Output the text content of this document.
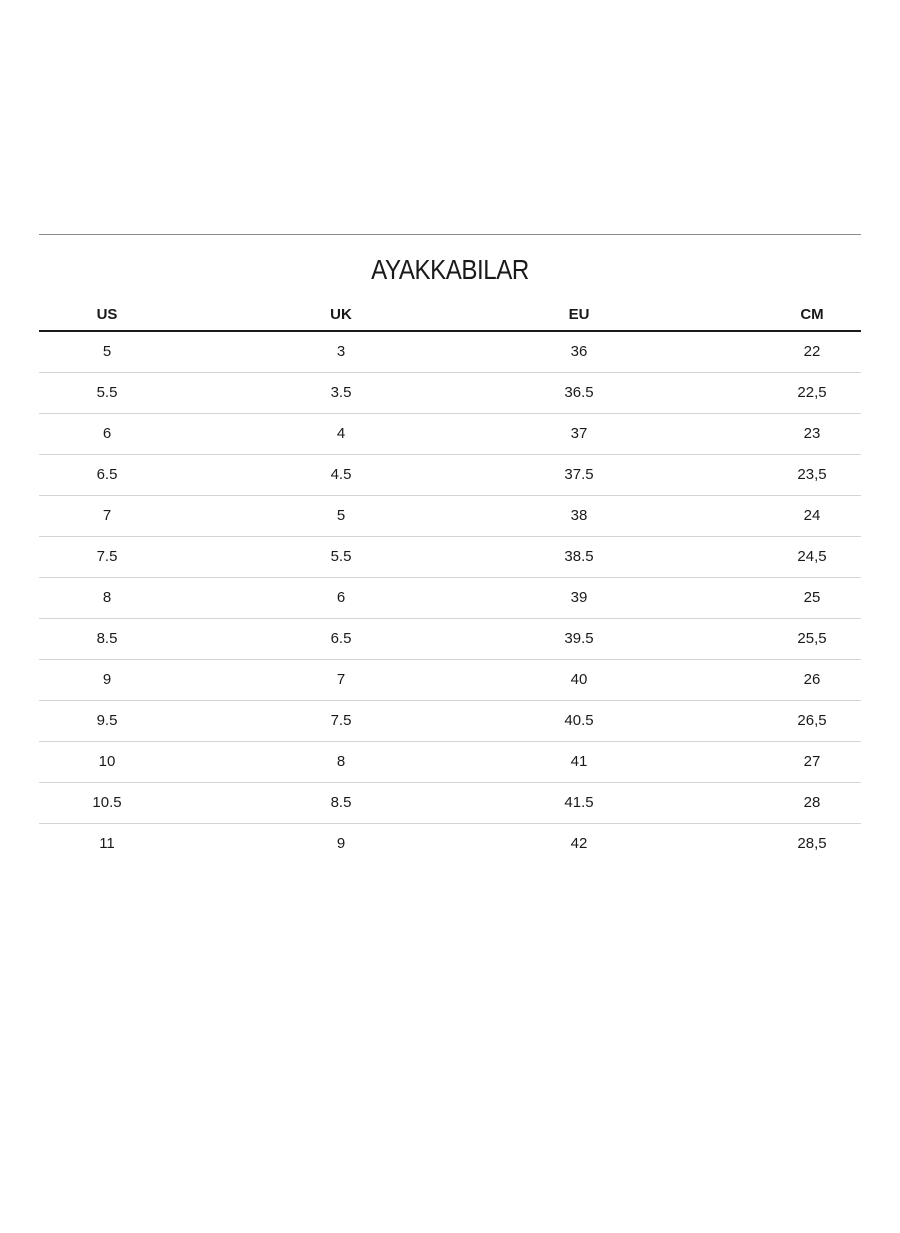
AYAKKABILAR
US	UK	EU	CM
5	3	36	22
5.5	3.5	36.5	22,5
6	4	37	23
6.5	4.5	37.5	23,5
7	5	38	24
7.5	5.5	38.5	24,5
8	6	39	25
8.5	6.5	39.5	25,5
9	7	40	26
9.5	7.5	40.5	26,5
10	8	41	27
10.5	8.5	41.5	28
11	9	42	28,5
